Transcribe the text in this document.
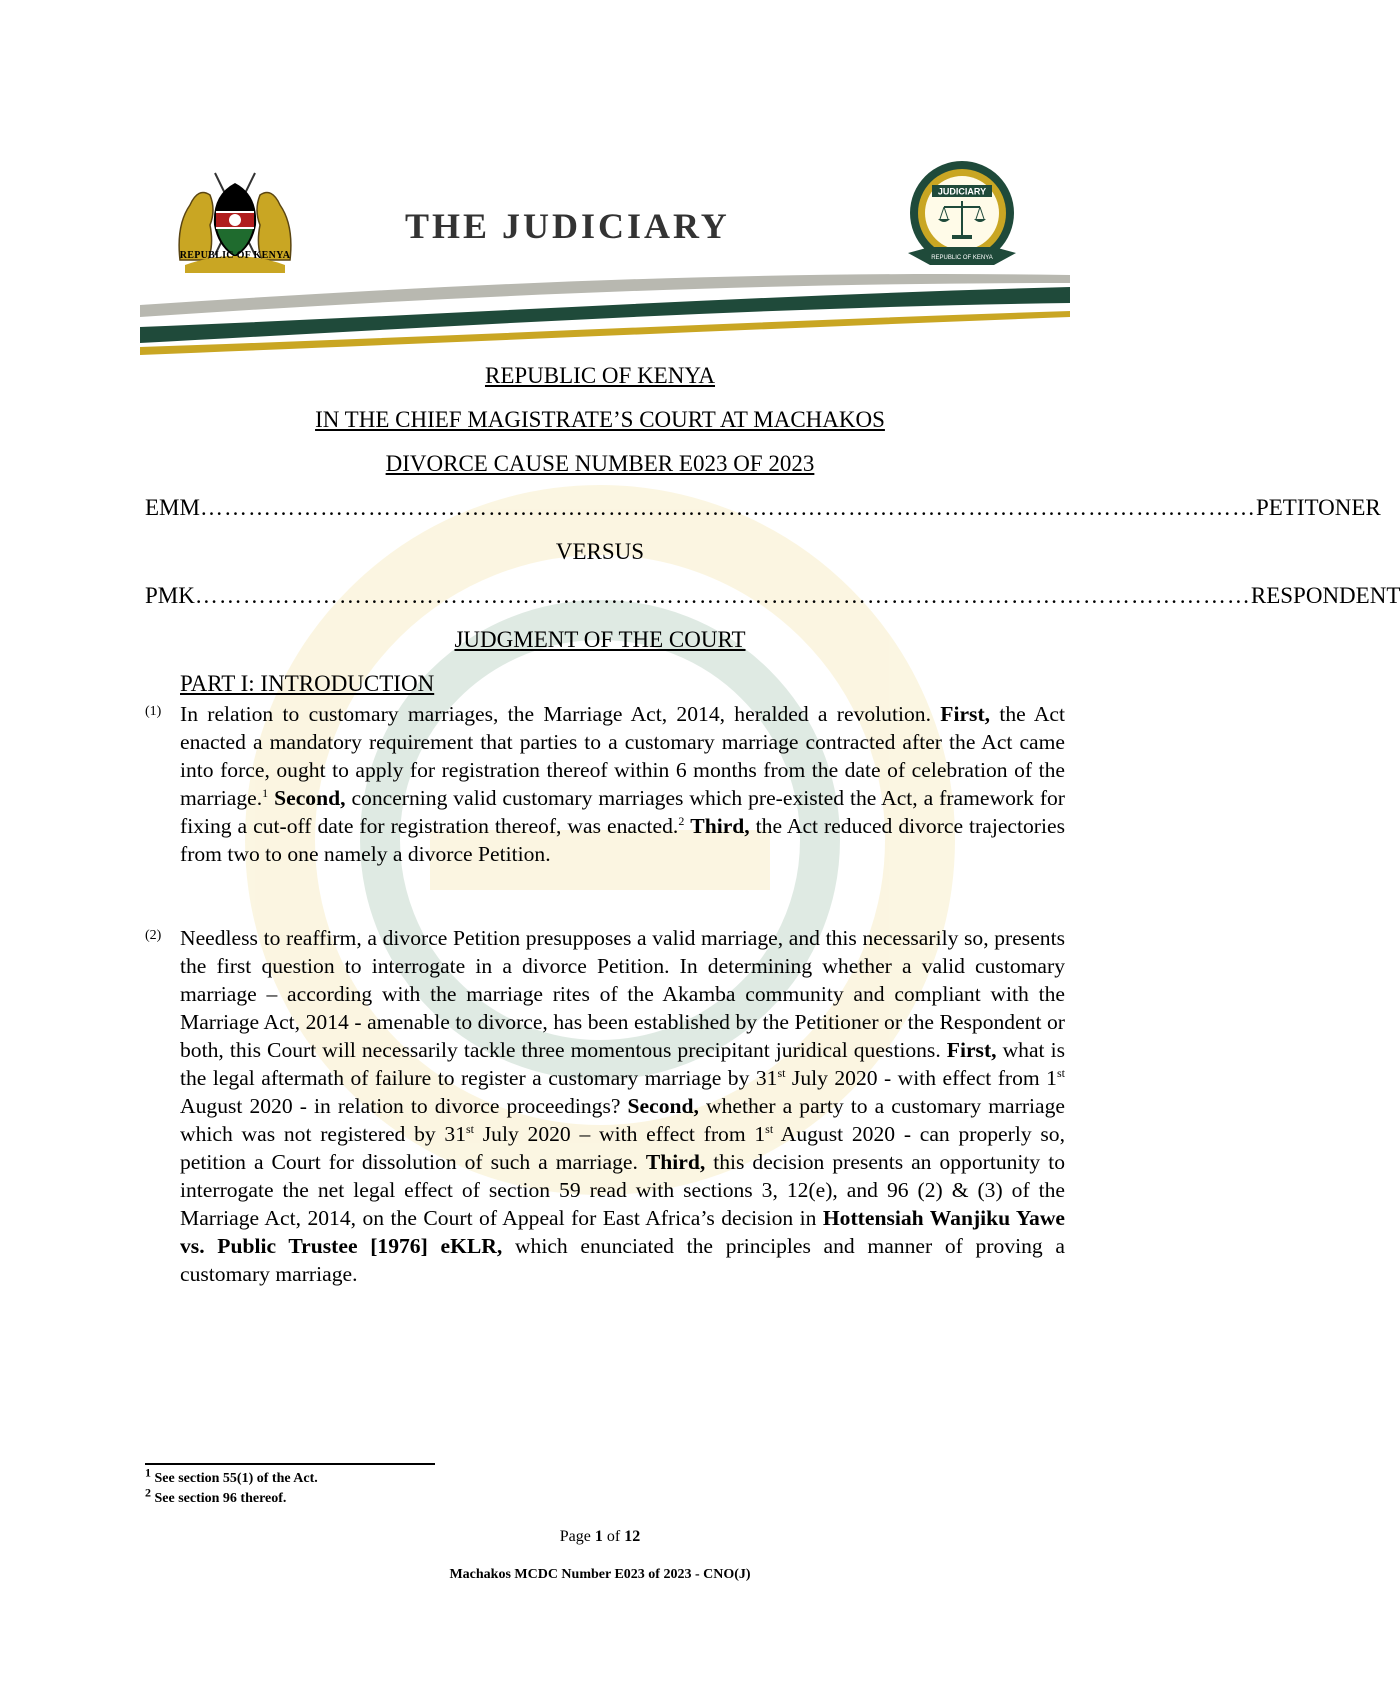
REPUBLIC OF KENYA
THE JUDICIARY
JUDICIARY
REPUBLIC OF KENYA
REPUBLIC OF KENYA
IN THE CHIEF MAGISTRATE’S COURT AT MACHAKOS
DIVORCE CAUSE NUMBER E023 OF 2023
EMM …………………………………………………………………………………………………………………… PETITONER
VERSUS
PMK …………………………………………………………………………………………………………………… RESPONDENT
JUDGMENT OF THE COURT
PART I: INTRODUCTION
(1) In relation to customary marriages, the Marriage Act, 2014, heralded a revolution. First, the Act enacted a mandatory requirement that parties to a customary marriage contracted after the Act came into force, ought to apply for registration thereof within 6 months from the date of celebration of the marriage.$^1$ Second, concerning valid customary marriages which pre-existed the Act, a framework for fixing a cut-off date for registration thereof, was enacted.$^2$ Third, the Act reduced divorce trajectories from two to one namely a divorce Petition.
(2) Needless to reaffirm, a divorce Petition presupposes a valid marriage, and this necessarily so, presents the first question to interrogate in a divorce Petition. In determining whether a valid customary marriage – according with the marriage rites of the Akamba community and compliant with the Marriage Act, 2014 - amenable to divorce, has been established by the Petitioner or the Respondent or both, this Court will necessarily tackle three momentous precipitant juridical questions. First, what is the legal aftermath of failure to register a customary marriage by 31st July 2020 - with effect from 1st August 2020 - in relation to divorce proceedings? Second, whether a party to a customary marriage which was not registered by 31st July 2020 – with effect from 1st August 2020 - can properly so, petition a Court for dissolution of such a marriage. Third, this decision presents an opportunity to interrogate the net legal effect of section 59 read with sections 3, 12(e), and 96 (2) & (3) of the Marriage Act, 2014, on the Court of Appeal for East Africa’s decision in Hottensiah Wanjiku Yawe vs. Public Trustee [1976] eKLR, which enunciated the principles and manner of proving a customary marriage.
$^1$ See section 55(1) of the Act.
$^2$ See section 96 thereof.
Page 1 of 12
Machakos MCDC Number E023 of 2023 - CNO(J)
